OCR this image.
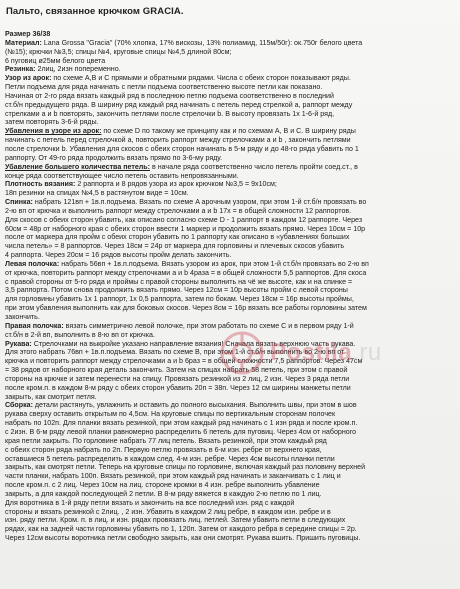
Пальто, связанное крючком GRACIA.

Размер 36/38

Материал: Lana Grossa "Gracia" (70% хлопка, 17% вискозы, 13% полиамид, 115м/50г): ок.750г белого цвета

(№15); крючки №3,5; спицы №4, круговые спицы №4,5 длиной 80см;

6 пуговиц ø25мм белого цвета

Резинка: 2лиц, 2изн попеременно.

Узор из арок: по схеме A,B и C прямыми и обратными рядами. Числа с обеих сторон показывают ряды.

Петли подъема для ряда начинать с петли подъема соответственно высоте петли как показано.

Начиная от 2-го ряда вязать каждый ряд в последнюю петлю подъема соответственно в последний

ст.б/н предыдущего ряда. В ширину ряд каждый ряд начинать с петель перед стрелкой a, раппорт между

стрелками a и b повторять, закончить петлями после стрелочки b. В высоту провязать 1х 1-6-й ряд,

затем повторять 3-6-й ряды.

Убавления в узоре из арок: по схеме D по такому же принципу как и по схемам A, B и C. В ширину ряды

начинать с петель перед стрелочкой a, повторить раппорт между стрелочками a и b , закончить петлями

после стрелочки b. Убавления для скосов с обеих сторон начинать в 5-м ряду и до 48-го ряда убавить по 1

раппорту. От 49-го ряда продолжить вязать прямо по 3-6-му ряду.

Убавление большего количества петель: в начале ряда соответственно число петель пройти соед.ст., в

конце ряда соответствующее число петель оставить непровязанными.

Плотность вязания: 2 раппорта и 8 рядов узора из арок крючком №3,5 = 9х10см;

18п резинки на спицах №4,5 в растянутом виде = 10см.

Спинка: набрать 121вп + 1в.п.подъема. Вязать по схеме A арочным узором, при этом 1-й ст.б/н провязать во

2-ю вп от крючка и выполнить раппорт между стрелочками a и b 17х = в общей сложности 12 раппортов.

Для скосов с обеих сторон убавить, как описано согласно схеме D - 1 раппорт в каждом 12 раппорте. Через

60см = 48р от наборного края с обеих сторон ввести 1 маркер и продолжить вязать прямо. Через 10см = 10р

после от маркера для пройм с обеих сторон убавить по 1 раппорту как описано в «убавлениях больших

числа петель» = 8 раппортов. Через 18см = 24р от маркера для горловины и плечевых скосов убавить

4 раппорта. Через 20см = 16 рядов высоты пройм делать закончить.

Левая полочка: набрать 56вп + 1в.п.подъема. Вязать узором из арок, при этом 1-й ст.б/н провязать во 2-ю вп

от крючка, повторить раппорт между стрелочками a и b 4раза = в общей сложности 5,5 раппортов. Для скоса

с правой стороны от 5-го ряда и проймы с правой стороны выполнить на чё же высоте, как и на спинке =

3,5 раппорта. Потом снова продолжить вязать прямо. Через 12см = 10р высоты пройм с левой стороны

для горловины убавить 1х 1 раппорт, 1х 0,5 раппорта, затем по бокам. Через 18см = 16р высоты проймы,

при этом убавления выполнить как для боковых скосов. Через 8см = 16р вязать все работы горловины затем

закончить.

Правая полочка: вязать симметрично левой полочке, при этом работать по схеме C и в первом ряду 1-й

ст.б/н в 2-й вп, выполнить в 8-ю вп от крючка.

Рукава: Стрелочками на выкройке указано направление вязания! Сначала вязать верхнюю часть рукава.

Для этого набрать 76вп + 1в.п.подъема. Вязать по схеме B, при этом 1-й ст.б/н выполнить во 2-ю вп от

крючка и повторить раппорт между стрелочками a и b 6раз = в общей сложности 7,5 раппортов. Через 47см

= 38 рядов от наборного края деталь закончить. Затем на спицах набрать 58 петель, при этом с правой

стороны на крючке и затем перенести на спицу. Провязать резинкой из 2 лиц, 2 изн. Через 3 ряда петли

после кром.п. в каждом 8-м ряду с обеих сторон убавить 20п = 38п. Через 12 см ширины манжеты петли

закрыть, как смотрит петля.

Сборка: детали растянуть, увлажнить и оставить до полного высыхания. Выполнить швы, при этом в шов

рукава сверху оставить открытым по 4,5см. На круговые спицы по вертикальным сторонам полочек

набрать по 102п. Для планки вязать резинкой, при этом каждый ряд начинать с 1 изн ряда и после кром.п.

с 2изн. В 6-м ряду левой планки равномерно распределить 6 петель для пуговиц. Через 4см от наборного

края петли закрыть. По горловине набрать 77 лиц петель. Вязать резинкой, при этом каждый ряд

с обеих сторон ряда набрать по 2п. Первую петлю провязать в 6-м изн. ребре от верхнего края,

оставшиеся 5 петель распределить в каждом след. 4-м изн. ребре. Через 4см высоты планки петли

закрыть, как смотрят петли. Теперь на круговые спицы по горловине, включая каждый раз половину верхней

части планки, набрать 100п. Вязать резинкой, при этом каждый ряд начинать и заканчивать с 1 лиц и

после кром.п. с 2 лиц. Через 10см на лиц. стороне кромки в 4 изн. ребре выполнить убавление

закрыть, а для каждой последующей 2 петли. В 8-м ряду вяжется в каждую 2-ю петлю по 1 лиц.

Для воротника в 1-й ряду петли вязать и закончить на все последний изн. ряд с каждой

стороны и вязать резинкой с 2лиц. , 2 изн. Убавить в каждом 2 лиц ребре, в каждом изн. ребре и в

изн. ряду петли. Кром. п. в лиц. и изн. рядах провязать лиц. петлей. Затем убавить петли в следующих

рядах, как на задней части горловины убавить по 1, 120п. Затем от каждого ребра в середине спицы = 2р.

Через 12см высоты воротника петли свободно закрыть, как они смотрят. Рукава вшить. Пришить пуговицы.

Postila.ru
